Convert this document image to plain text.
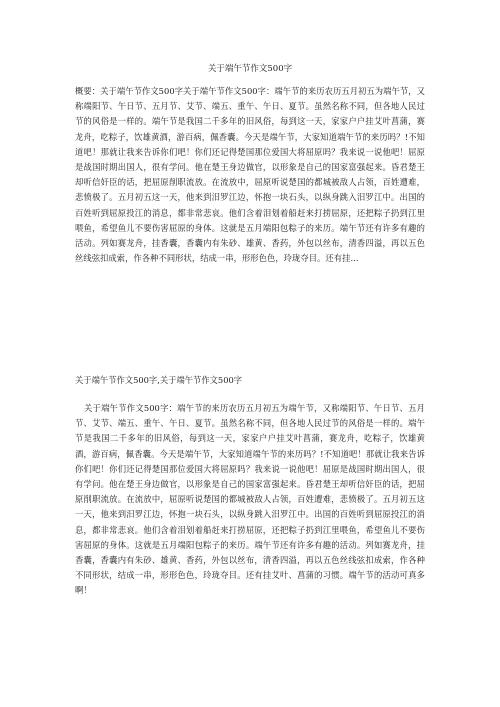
关于端午节作文500字
概要：关于端午节作文500字关于端午节作文500字：端午节的来历农历五月初五为端午节，又称端阳节、午日节、五月节、艾节、端五、重午、午日、夏节。虽然名称不同，但各地人民过节的风俗是一样的。端午节是我国二千多年的旧风俗，每到这一天，家家户户挂艾叶菖蒲，赛龙舟，吃粽子，饮雄黄酒，游百病，佩香囊。今天是端午节，大家知道端午节的来历吗？!不知道吧！那就让我来告诉你们吧！你们还记得楚国那位爱国大将屈原吗？我来说一说他吧！屈原是战国时期出国人，很有学问。他在楚王身边做官，以形象是自己的国家富强起来。昏君楚王却听信奸臣的话，把屈原削职流放。在流放中，屈原听说楚国的都城被敌人占领，百姓遭难，悲愤极了。五月初五这一天，他来到汨罗江边，怀抱一块石头，以纵身跳入汨罗江中。出国的百姓听到屈原投江的消息，都非常悲哀。他们含着泪划着船赶来打捞屈原，还把粽子扔到江里喂鱼，希望鱼儿不要伤害屈原的身体。这就是五月端阳包粽子的来历。端午节还有许多有趣的活动。列如赛龙舟，挂香囊，香囊内有朱砂、雄黄、香药，外包以丝布，清香四溢，再以五色丝线弦扣成索，作各种不同形状，结成一串，形形色色，玲珑夺目。还有挂...
关于端午节作文500字,关于端午节作文500字
关于端午节作文500字：端午节的来历农历五月初五为端午节，又称端阳节、午日节、五月节、艾节、端五、重午、午日、夏节。虽然名称不同，但各地人民过节的风俗是一样的。端午节是我国二千多年的旧风俗，每到这一天，家家户户挂艾叶菖蒲，赛龙舟，吃粽子，饮雄黄酒，游百病，佩香囊。今天是端午节，大家知道端午节的来历吗？!不知道吧！那就让我来告诉你们吧！你们还记得楚国那位爱国大将屈原吗？我来说一说他吧！屈原是战国时期出国人，很有学问。他在楚王身边做官，以形象是自己的国家富强起来。昏君楚王却听信奸臣的话，把屈原削职流放。在流放中，屈原听说楚国的都城被敌人占领，百姓遭难，悲愤极了。五月初五这一天，他来到汨罗江边，怀抱一块石头，以纵身跳入汨罗江中。出国的百姓听到屈原投江的消息，都非常悲哀。他们含着泪划着船赶来打捞屈原，还把粽子扔到江里喂鱼，希望鱼儿不要伤害屈原的身体。这就是五月端阳包粽子的来历。端午节还有许多有趣的活动。列如赛龙舟，挂香囊，香囊内有朱砂、雄黄、香药，外包以丝布，清香四溢，再以五色丝线弦扣成索，作各种不同形状，结成一串，形形色色，玲珑夺目。还有挂艾叶、菖蒲的习惯。端午节的活动可真多啊！
